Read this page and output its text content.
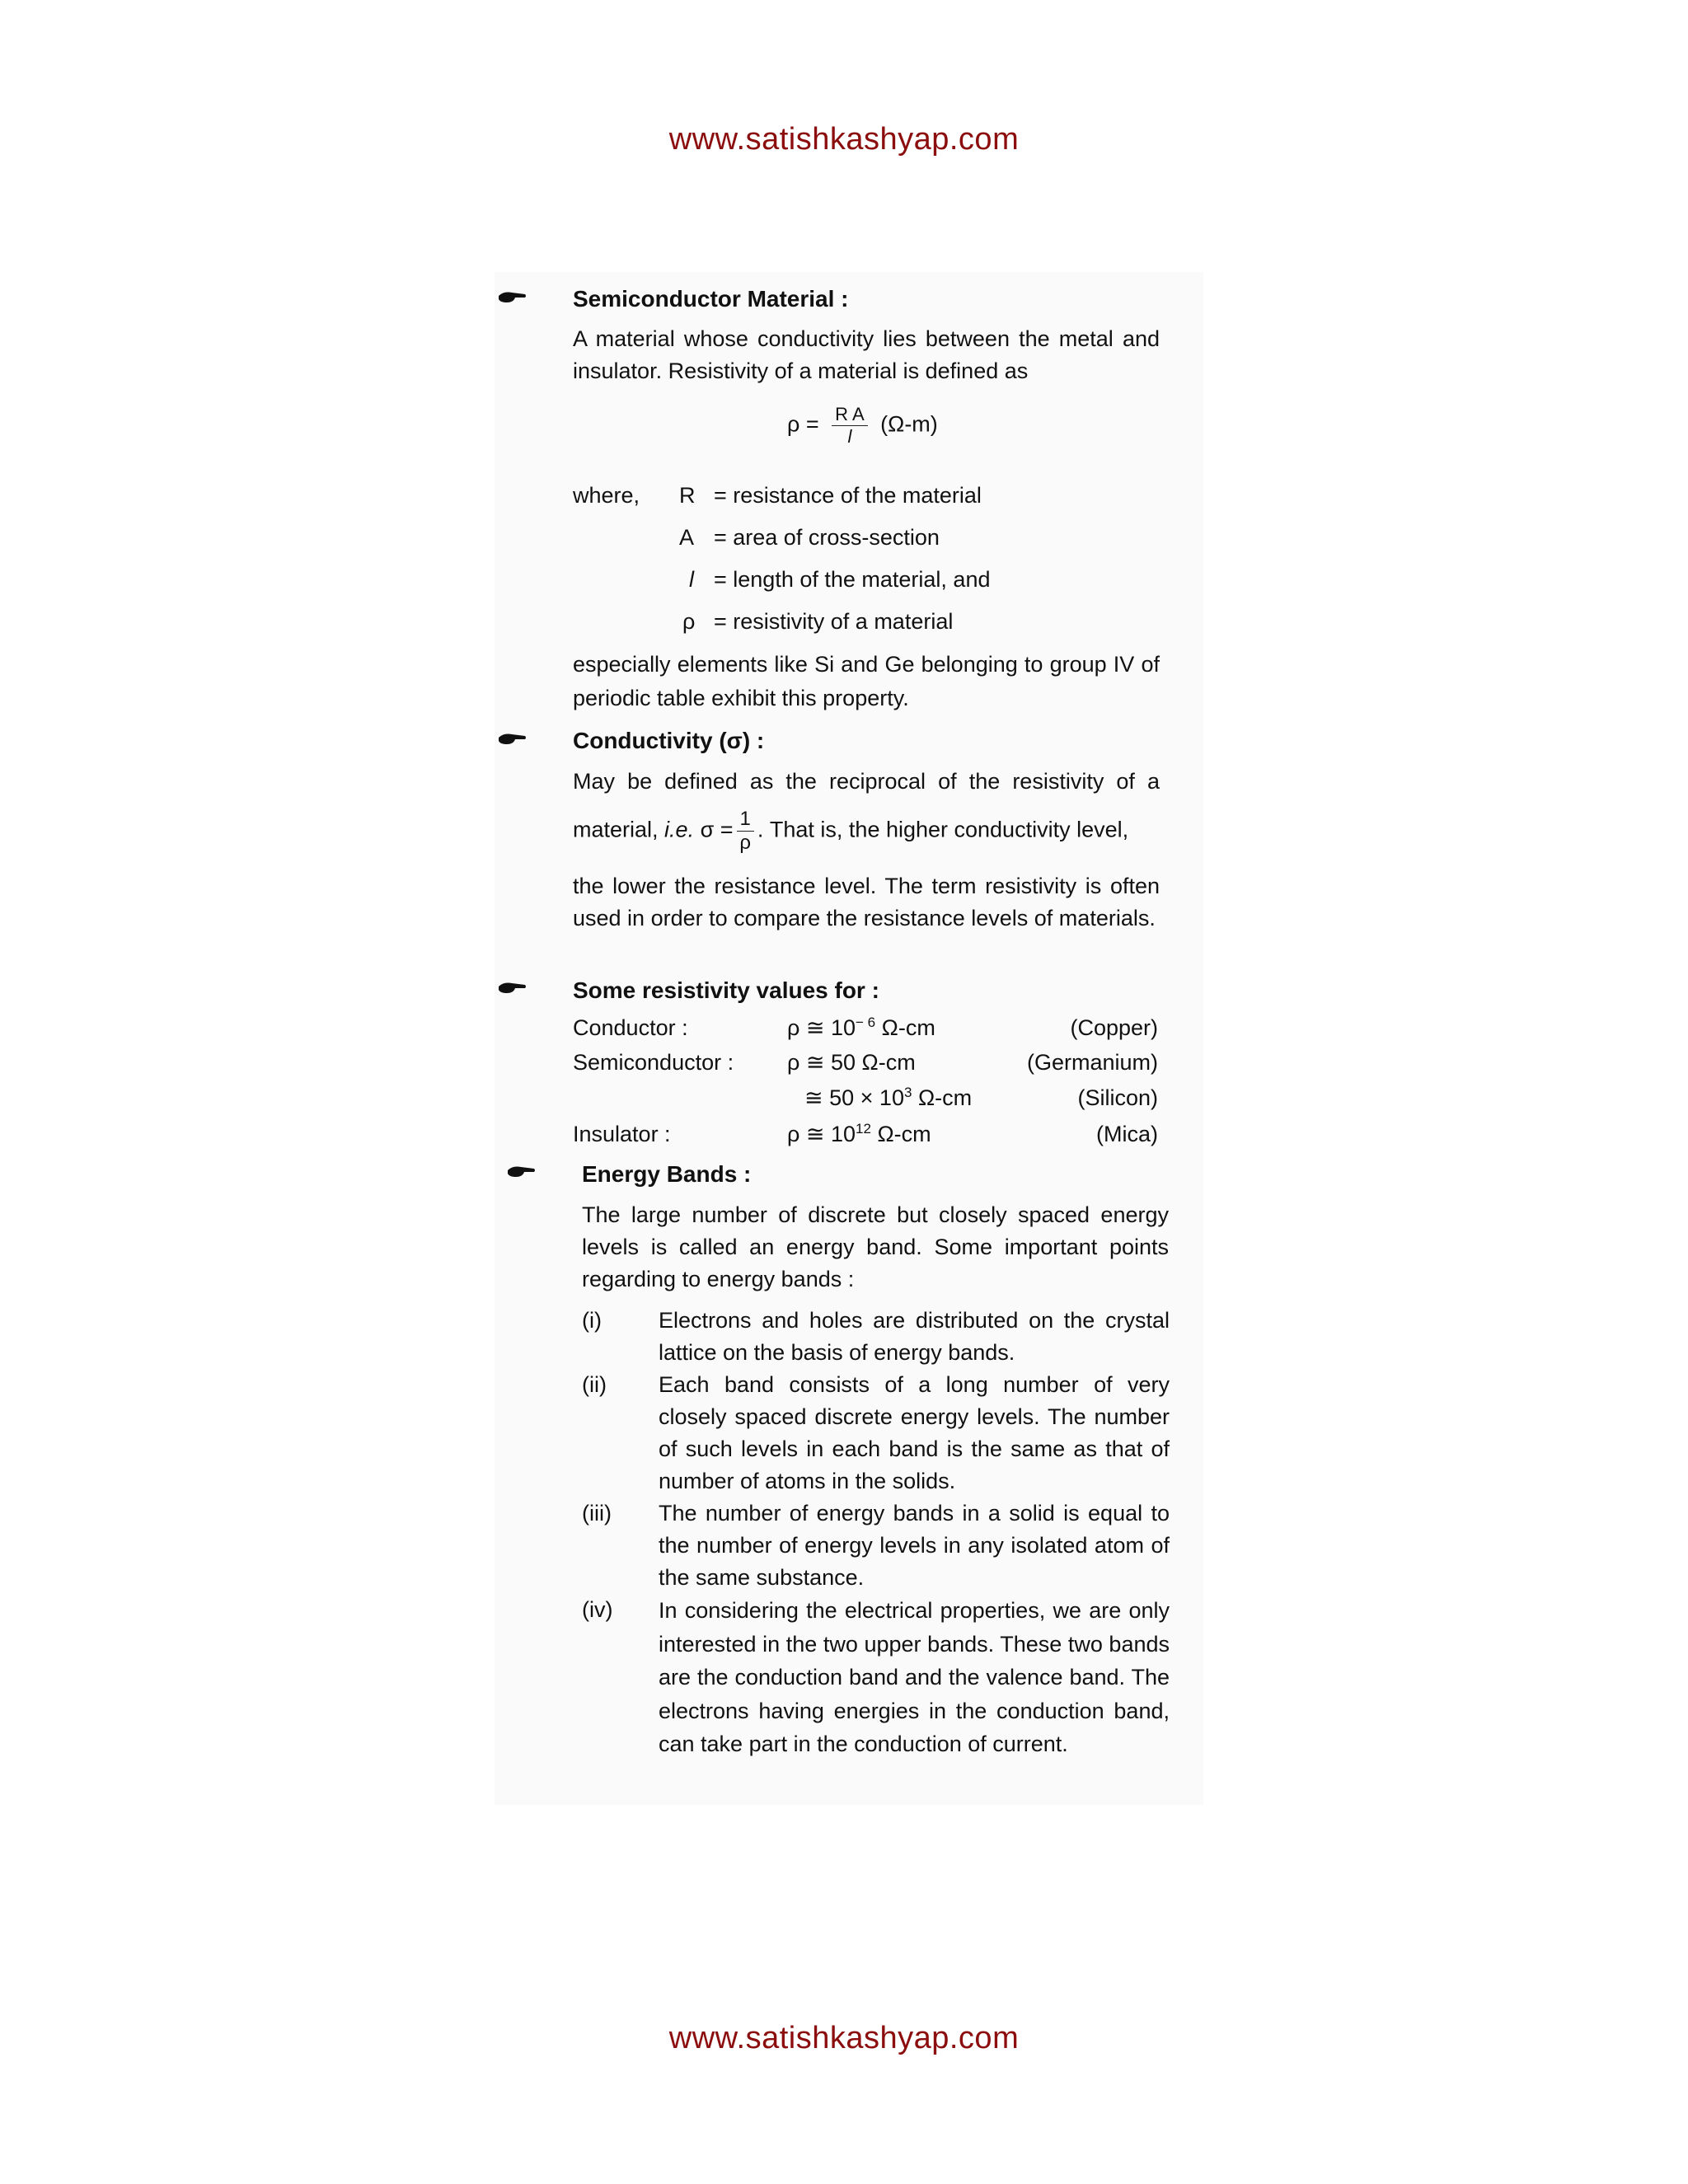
www.satishkashyap.com
Semiconductor Material :
A material whose conductivity lies between the metal and insulator. Resistivity of a material is defined as
$\rho = \frac{\text{R A}}{l} (\Omega-m)$
where, R = resistance of the material
A = area of cross-section
l = length of the material, and
ρ = resistivity of a material
especially elements like Si and Ge belonging to group IV of periodic table exhibit this property.
Conductivity (σ) :
May be defined as the reciprocal of the resistivity of a
material, i.e. $\sigma = \frac{1}{\rho}$ . That is, the higher conductivity level,
the lower the resistance level. The term resistivity is often used in order to compare the resistance levels of materials.
Some resistivity values for :
Conductor :	ρ ≅ $10^{- 6}$ Ω-cm	(Copper)
Semiconductor : ρ ≅ 50 Ω-cm	(Germanium)
≅ $50 \times 10^3$ Ω-cm	(Silicon)
Insulator :	ρ ≅ $10^{12}$ Ω-cm	(Mica)
Energy Bands :
The large number of discrete but closely spaced energy levels is called an energy band. Some important points regarding to energy bands :
(i)	Electrons and holes are distributed on the crystal lattice on the basis of energy bands.
(ii) Each band consists of a long number of very closely spaced discrete energy levels. The number of such levels in each band is the same as that of number of atoms in the solids.
(iii) The number of energy bands in a solid is equal to the number of energy levels in any isolated atom of the same substance.
(iv) In considering the electrical properties, we are only interested in the two upper bands. These two bands are the conduction band and the valence band. The electrons having energies in the conduction band, can take part in the conduction of current.
www.satishkashyap.com
